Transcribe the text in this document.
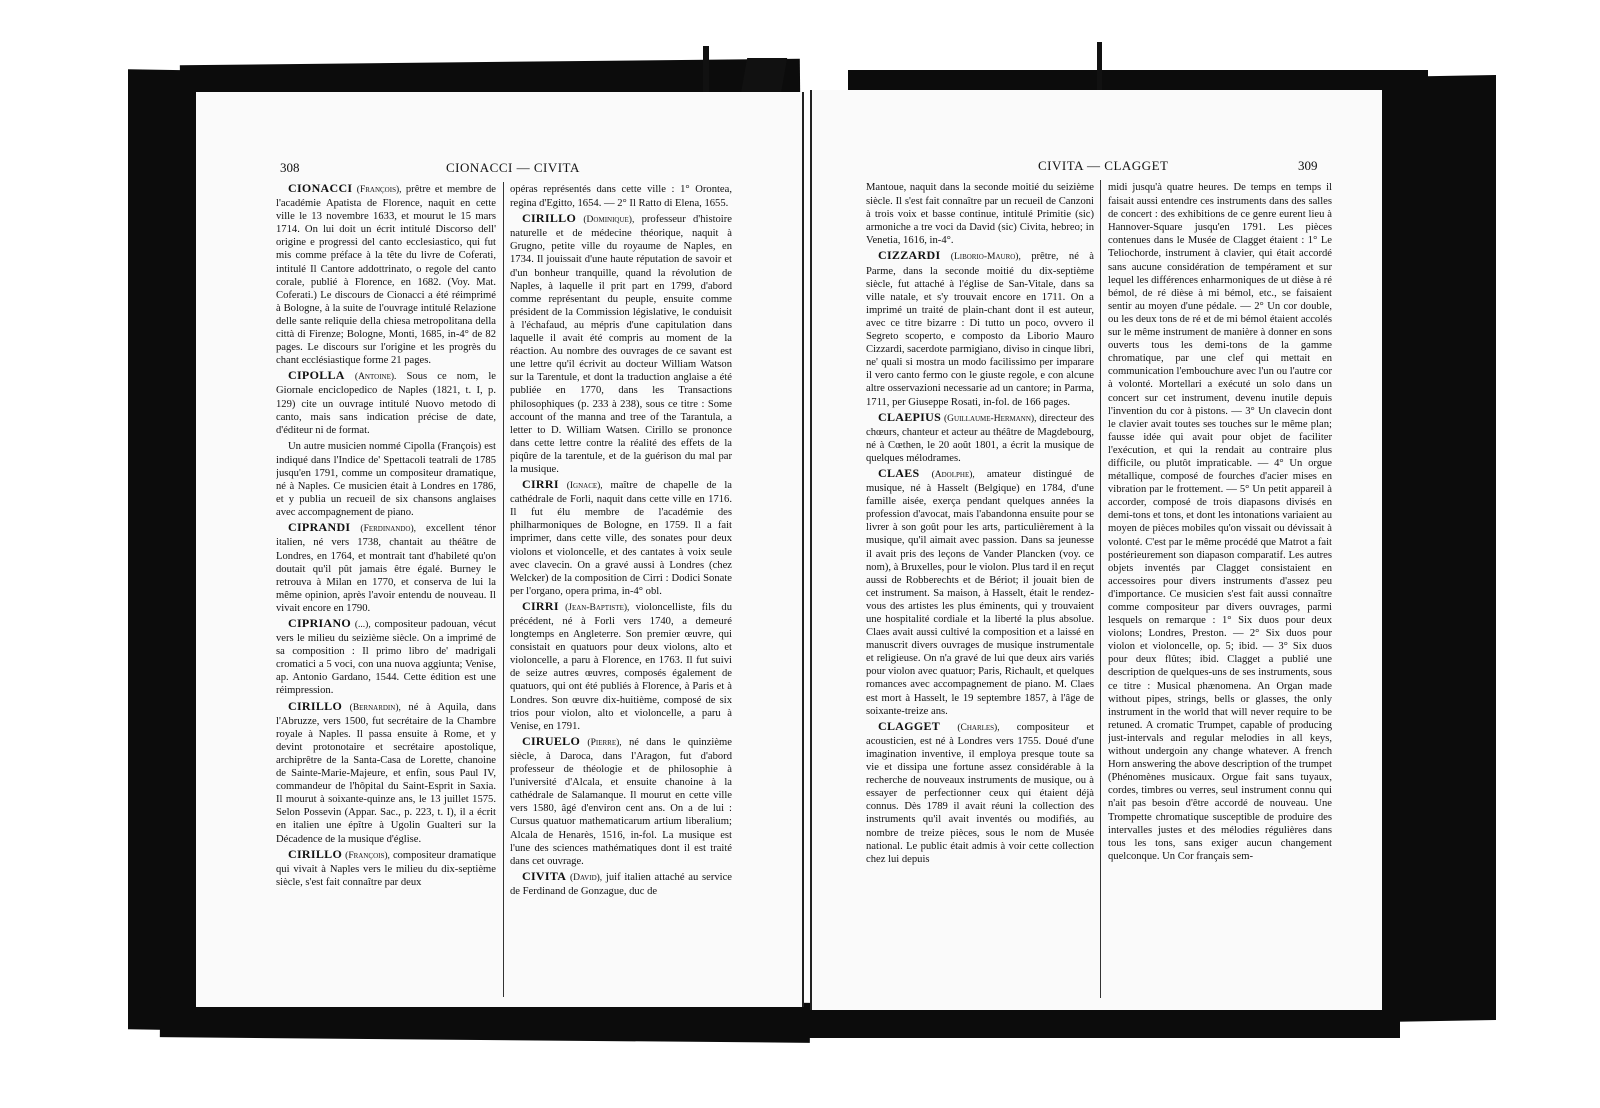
308	CIONACCI — CIVITA

CIONACCI (François), prêtre et membre de l'académie Apatista de Florence, naquit en cette ville le 13 novembre 1633, et mourut le 15 mars 1714. On lui doit un écrit intitulé Discorso dell' origine e progressi del canto ecclesiastico, qui fut mis comme préface à la tête du livre de Coferati, intitulé Il Cantore addottrinato, o regole del canto corale, publié à Florence, en 1682. (Voy. Mat. Coferati.) Le discours de Cionacci a été réimprimé à Bologne, à la suite de l'ouvrage intitulé Relazione delle sante reliquie della chiesa metropolitana della città di Firenze; Bologne, Monti, 1685, in-4° de 82 pages. Le discours sur l'origine et les progrès du chant ecclésiastique forme 21 pages.

CIPOLLA (Antoine). Sous ce nom, le Giornale enciclopedico de Naples (1821, t. I, p. 129) cite un ouvrage intitulé Nuovo metodo di canto, mais sans indication précise de date, d'éditeur ni de format.

Un autre musicien nommé Cipolla (François) est indiqué dans l'Indice de' Spettacoli teatrali de 1785 jusqu'en 1791, comme un compositeur dramatique, né à Naples. Ce musicien était à Londres en 1786, et y publia un recueil de six chansons anglaises avec accompagnement de piano.

CIPRANDI (Ferdinando), excellent ténor italien, né vers 1738, chantait au théâtre de Londres, en 1764, et montrait tant d'habileté qu'on doutait qu'il pût jamais être égalé. Burney le retrouva à Milan en 1770, et conserva de lui la même opinion, après l'avoir entendu de nouveau. Il vivait encore en 1790.

CIPRIANO (...), compositeur padouan, vécut vers le milieu du seizième siècle. On a imprimé de sa composition : Il primo libro de' madrigali cromatici a 5 voci, con una nuova aggiunta; Venise, ap. Antonio Gardano, 1544. Cette édition est une réimpression.

CIRILLO (Bernardin), né à Aquila, dans l'Abruzze, vers 1500, fut secrétaire de la Chambre royale à Naples. Il passa ensuite à Rome, et y devint protonotaire et secrétaire apostolique, archiprêtre de la Santa-Casa de Lorette, chanoine de Sainte-Marie-Majeure, et enfin, sous Paul IV, commandeur de l'hôpital du Saint-Esprit in Saxia. Il mourut à soixante-quinze ans, le 13 juillet 1575. Selon Possevin (Appar. Sac., p. 223, t. I), il a écrit en italien une épître à Ugolin Gualteri sur la Décadence de la musique d'église.

CIRILLO (François), compositeur dramatique qui vivait à Naples vers le milieu du dix-septième siècle, s'est fait connaître par deux

opéras représentés dans cette ville : 1° Orontea, regina d'Egitto, 1654. — 2° Il Ratto di Elena, 1655.

CIRILLO (Dominique), professeur d'histoire naturelle et de médecine théorique, naquit à Grugno, petite ville du royaume de Naples, en 1734. Il jouissait d'une haute réputation de savoir et d'un bonheur tranquille, quand la révolution de Naples, à laquelle il prit part en 1799, d'abord comme représentant du peuple, ensuite comme président de la Commission législative, le conduisit à l'échafaud, au mépris d'une capitulation dans laquelle il avait été compris au moment de la réaction. Au nombre des ouvrages de ce savant est une lettre qu'il écrivit au docteur William Watson sur la Tarentule, et dont la traduction anglaise a été publiée en 1770, dans les Transactions philosophiques (p. 233 à 238), sous ce titre : Some account of the manna and tree of the Tarantula, a letter to D. William Watsen. Cirillo se prononce dans cette lettre contre la réalité des effets de la piqûre de la tarentule, et de la guérison du mal par la musique.

CIRRI (Ignace), maître de chapelle de la cathédrale de Forli, naquit dans cette ville en 1716. Il fut élu membre de l'académie des philharmoniques de Bologne, en 1759. Il a fait imprimer, dans cette ville, des sonates pour deux violons et violoncelle, et des cantates à voix seule avec clavecin. On a gravé aussi à Londres (chez Welcker) de la composition de Cirri : Dodici Sonate per l'organo, opera prima, in-4° obl.

CIRRI (Jean-Baptiste), violoncelliste, fils du précédent, né à Forli vers 1740, a demeuré longtemps en Angleterre. Son premier œuvre, qui consistait en quatuors pour deux violons, alto et violoncelle, a paru à Florence, en 1763. Il fut suivi de seize autres œuvres, composés également de quatuors, qui ont été publiés à Florence, à Paris et à Londres. Son œuvre dix-huitième, composé de six trios pour violon, alto et violoncelle, a paru à Venise, en 1791.

CIRUELO (Pierre), né dans le quinzième siècle, à Daroca, dans l'Aragon, fut d'abord professeur de théologie et de philosophie à l'université d'Alcala, et ensuite chanoine à la cathédrale de Salamanque. Il mourut en cette ville vers 1580, âgé d'environ cent ans. On a de lui : Cursus quatuor mathematicarum artium liberalium; Alcala de Henarès, 1516, in-fol. La musique est l'une des sciences mathématiques dont il est traité dans cet ouvrage.

CIVITA (David), juif italien attaché au service de Ferdinand de Gonzague, duc de

CIVITA — CLAGGET	309

Mantoue, naquit dans la seconde moitié du seizième siècle. Il s'est fait connaître par un recueil de Canzoni à trois voix et basse continue, intitulé Primitie (sic) armoniche a tre voci da David (sic) Civita, hebreo; in Venetia, 1616, in-4°.

CIZZARDI (Liborio-Mauro), prêtre, né à Parme, dans la seconde moitié du dix-septième siècle, fut attaché à l'église de San-Vitale, dans sa ville natale, et s'y trouvait encore en 1711. On a imprimé un traité de plain-chant dont il est auteur, avec ce titre bizarre : Di tutto un poco, ovvero il Segreto scoperto, e composto da Liborio Mauro Cizzardi, sacerdote parmigiano, diviso in cinque libri, ne' quali si mostra un modo facilissimo per imparare il vero canto fermo con le giuste regole, e con alcune altre osservazioni necessarie ad un cantore; in Parma, 1711, per Giuseppe Rosati, in-fol. de 166 pages.

CLAEPIUS (Guillaume-Hermann), directeur des chœurs, chanteur et acteur au théâtre de Magdebourg, né à Cœthen, le 20 août 1801, a écrit la musique de quelques mélodrames.

CLAES (Adolphe), amateur distingué de musique, né à Hasselt (Belgique) en 1784, d'une famille aisée, exerça pendant quelques années la profession d'avocat, mais l'abandonna ensuite pour se livrer à son goût pour les arts, particulièrement à la musique, qu'il aimait avec passion. Dans sa jeunesse il avait pris des leçons de Vander Plancken (voy. ce nom), à Bruxelles, pour le violon. Plus tard il en reçut aussi de Robberechts et de Bériot; il jouait bien de cet instrument. Sa maison, à Hasselt, était le rendez-vous des artistes les plus éminents, qui y trouvaient une hospitalité cordiale et la liberté la plus absolue. Claes avait aussi cultivé la composition et a laissé en manuscrit divers ouvrages de musique instrumentale et religieuse. On n'a gravé de lui que deux airs variés pour violon avec quatuor; Paris, Richault, et quelques romances avec accompagnement de piano. M. Claes est mort à Hasselt, le 19 septembre 1857, à l'âge de soixante-treize ans.

CLAGGET (Charles), compositeur et acousticien, est né à Londres vers 1755. Doué d'une imagination inventive, il employa presque toute sa vie et dissipa une fortune assez considérable à la recherche de nouveaux instruments de musique, ou à essayer de perfectionner ceux qui étaient déjà connus. Dès 1789 il avait réuni la collection des instruments qu'il avait inventés ou modifiés, au nombre de treize pièces, sous le nom de Musée national. Le public était admis à voir cette collection chez lui depuis

midi jusqu'à quatre heures. De temps en temps il faisait aussi entendre ces instruments dans des salles de concert : des exhibitions de ce genre eurent lieu à Hannover-Square jusqu'en 1791. Les pièces contenues dans le Musée de Clagget étaient : 1° Le Teliochorde, instrument à clavier, qui était accordé sans aucune considération de tempérament et sur lequel les différences enharmoniques de ut dièse à ré bémol, de ré dièse à mi bémol, etc., se faisaient sentir au moyen d'une pédale. — 2° Un cor double, ou les deux tons de ré et de mi bémol étaient accolés sur le même instrument de manière à donner en sons ouverts tous les demi-tons de la gamme chromatique, par une clef qui mettait en communication l'embouchure avec l'un ou l'autre cor à volonté. Mortellari a exécuté un solo dans un concert sur cet instrument, devenu inutile depuis l'invention du cor à pistons. — 3° Un clavecin dont le clavier avait toutes ses touches sur le même plan; fausse idée qui avait pour objet de faciliter l'exécution, et qui la rendait au contraire plus difficile, ou plutôt impraticable. — 4° Un orgue métallique, composé de fourches d'acier mises en vibration par le frottement. — 5° Un petit appareil à accorder, composé de trois diapasons divisés en demi-tons et tons, et dont les intonations variaient au moyen de pièces mobiles qu'on vissait ou dévissait à volonté. C'est par le même procédé que Matrot a fait postérieurement son diapason comparatif. Les autres objets inventés par Clagget consistaient en accessoires pour divers instruments d'assez peu d'importance. Ce musicien s'est fait aussi connaître comme compositeur par divers ouvrages, parmi lesquels on remarque : 1° Six duos pour deux violons; Londres, Preston. — 2° Six duos pour violon et violoncelle, op. 5; ibid. — 3° Six duos pour deux flûtes; ibid. Clagget a publié une description de quelques-uns de ses instruments, sous ce titre : Musical phænomena. An Organ made without pipes, strings, bells or glasses, the only instrument in the world that will never require to be retuned. A cromatic Trumpet, capable of producing just-intervals and regular melodies in all keys, without undergoin any change whatever. A french Horn answering the above description of the trumpet (Phénomènes musicaux. Orgue fait sans tuyaux, cordes, timbres ou verres, seul instrument connu qui n'ait pas besoin d'être accordé de nouveau. Une Trompette chromatique susceptible de produire des intervalles justes et des mélodies régulières dans tous les tons, sans exiger aucun changement quelconque. Un Cor français sem-
